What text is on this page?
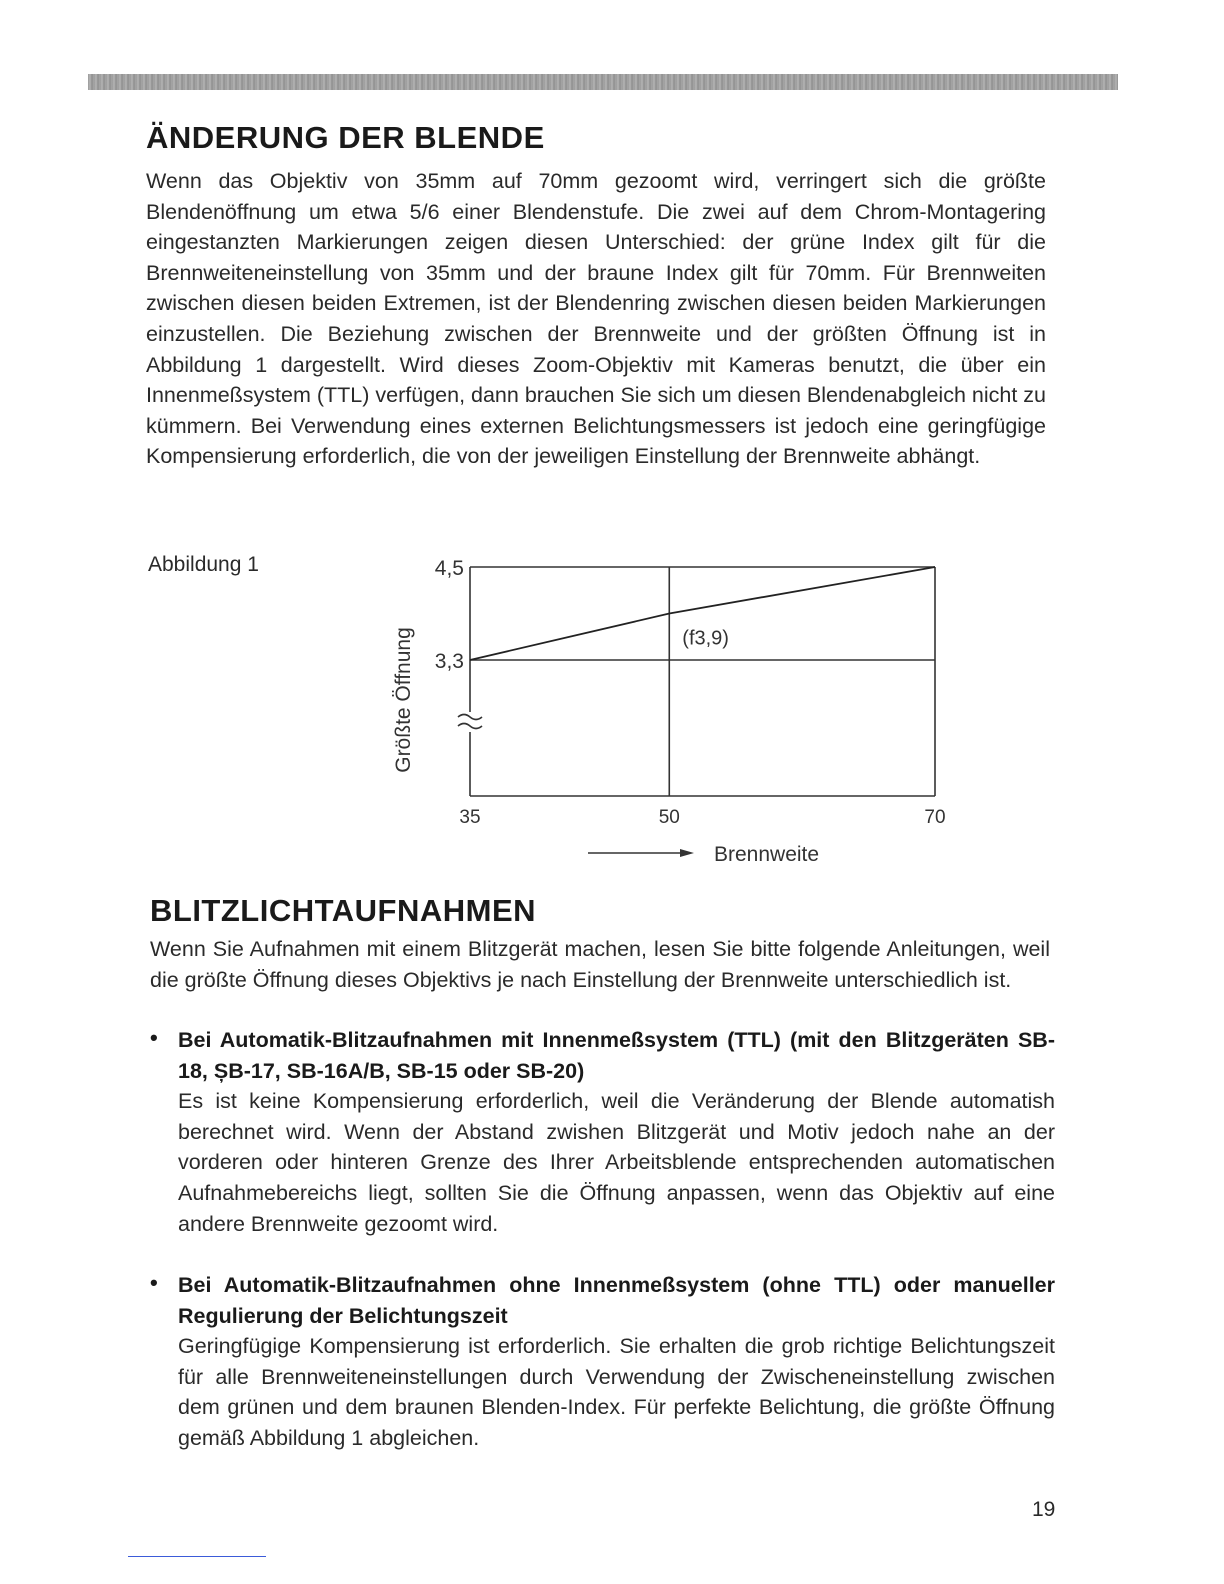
ÄNDERUNG DER BLENDE

Wenn das Objektiv von 35mm auf 70mm gezoomt wird, verringert sich die größte Blendenöffnung um etwa 5/6 einer Blendenstufe. Die zwei auf dem Chrom-Montagering eingestanzten Markierungen zeigen diesen Unterschied: der grüne Index gilt für die Brennweiteneinstellung von 35mm und der braune Index gilt für 70mm. Für Brennweiten zwischen diesen beiden Extremen, ist der Blendenring zwischen diesen beiden Markierungen einzustellen. Die Beziehung zwischen der Brennweite und der größten Öffnung ist in Abbildung 1 dargestellt. Wird dieses Zoom-Objektiv mit Kameras benutzt, die über ein Innenmeßsystem (TTL) verfügen, dann brauchen Sie sich um diesen Blendenabgleich nicht zu kümmern. Bei Verwendung eines externen Belichtungsmessers ist jedoch eine geringfügige Kompensierung erforderlich, die von der jeweiligen Einstellung der Brennweite abhängt.

Abbildung 1
(f3,9)
3,3
4,5
35	50	70
Größte Öffnung
Brennweite
BLITZLICHTAUFNAHMEN

Wenn Sie Aufnahmen mit einem Blitzgerät machen, lesen Sie bitte folgende Anleitungen, weil die größte Öffnung dieses Objektivs je nach Einstellung der Brennweite unterschiedlich ist.

• Bei Automatik-Blitzaufnahmen mit Innenmeßsystem (TTL) (mit den Blitzgeräten SB-18, ȘB-17, SB-16A/B, SB-15 oder SB-20)

Es ist keine Kompensierung erforderlich, weil die Veränderung der Blende automatish berechnet wird. Wenn der Abstand zwishen Blitzgerät und Motiv jedoch nahe an der vorderen oder hinteren Grenze des Ihrer Arbeitsblende entsprechenden automatischen Aufnahmebereichs liegt, sollten Sie die Öffnung anpassen, wenn das Objektiv auf eine andere Brennweite gezoomt wird.

• Bei Automatik-Blitzaufnahmen ohne Innenmeßsystem (ohne TTL) oder manueller Regulierung der Belichtungszeit

Geringfügige Kompensierung ist erforderlich. Sie erhalten die grob richtige Belichtungszeit für alle Brennweiteneinstellungen durch Verwendung der Zwischeneinstellung zwischen dem grünen und dem braunen Blenden-Index. Für perfekte Belichtung, die größte Öffnung gemäß Abbildung 1 abgleichen.

19
